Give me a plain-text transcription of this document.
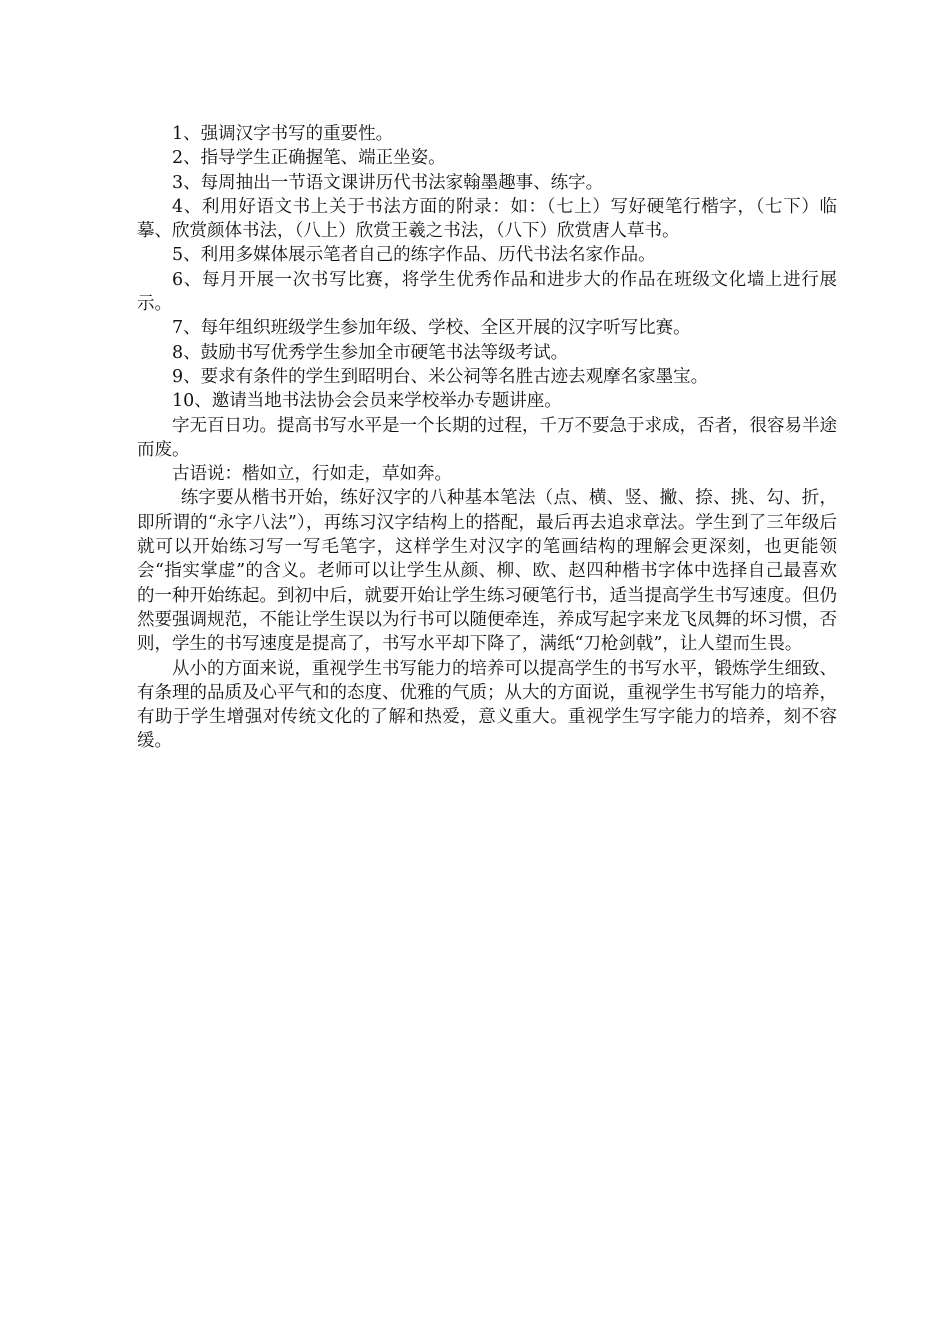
1、强调汉字书写的重要性。

2、指导学生正确握笔、端正坐姿。

3、每周抽出一节语文课讲历代书法家翰墨趣事、练字。

4、利用好语文书上关于书法方面的附录：如：（七上）写好硬笔行楷字，（七下）临摹、欣赏颜体书法，（八上）欣赏王羲之书法，（八下）欣赏唐人草书。

5、利用多媒体展示笔者自己的练字作品、历代书法名家作品。

6、每月开展一次书写比赛，将学生优秀作品和进步大的作品在班级文化墙上进行展示。

7、每年组织班级学生参加年级、学校、全区开展的汉字听写比赛。

8、鼓励书写优秀学生参加全市硬笔书法等级考试。

9、要求有条件的学生到昭明台、米公祠等名胜古迹去观摩名家墨宝。

10、邀请当地书法协会会员来学校举办专题讲座。

字无百日功。提高书写水平是一个长期的过程，千万不要急于求成，否者，很容易半途而废。

古语说：楷如立，行如走，草如奔。

练字要从楷书开始，练好汉字的八种基本笔法（点、横、竖、撇、捺、挑、勾、折，即所谓的“永字八法”），再练习汉字结构上的搭配，最后再去追求章法。学生到了三年级后就可以开始练习写一写毛笔字，这样学生对汉字的笔画结构的理解会更深刻，也更能领会“指实掌虚”的含义。老师可以让学生从颜、柳、欧、赵四种楷书字体中选择自己最喜欢的一种开始练起。到初中后，就要开始让学生练习硬笔行书，适当提高学生书写速度。但仍然要强调规范，不能让学生误以为行书可以随便牵连，养成写起字来龙飞凤舞的坏习惯，否则，学生的书写速度是提高了，书写水平却下降了，满纸“刀枪剑戟”，让人望而生畏。

从小的方面来说，重视学生书写能力的培养可以提高学生的书写水平，锻炼学生细致、有条理的品质及心平气和的态度、优雅的气质；从大的方面说，重视学生书写能力的培养，有助于学生增强对传统文化的了解和热爱，意义重大。重视学生写字能力的培养，刻不容缓。
